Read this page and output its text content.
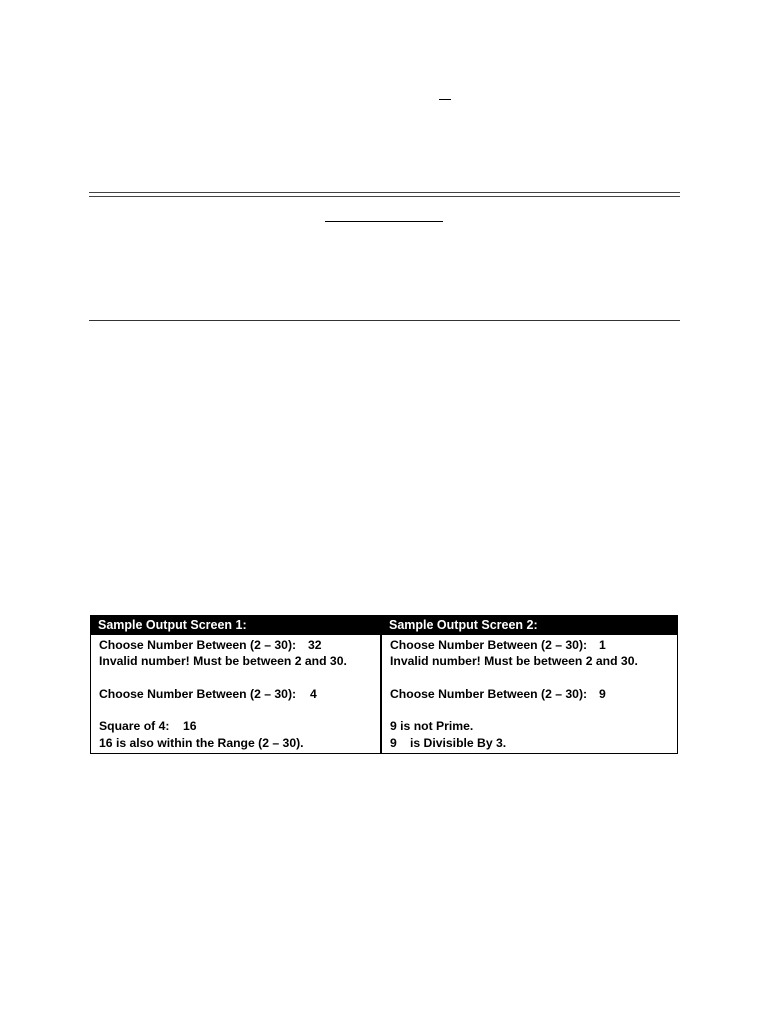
Sample Output Screen 1:	Sample Output Screen 2:
Choose Number Between (2 – 30): 32
Invalid number! Must be between 2 and 30.
Choose Number Between (2 – 30): 4
Square of 4: 16
16 is also within the Range (2 – 30).
Choose Number Between (2 – 30): 1
Invalid number! Must be between 2 and 30.
Choose Number Between (2 – 30): 9
9 is not Prime.
9 is Divisible By 3.
